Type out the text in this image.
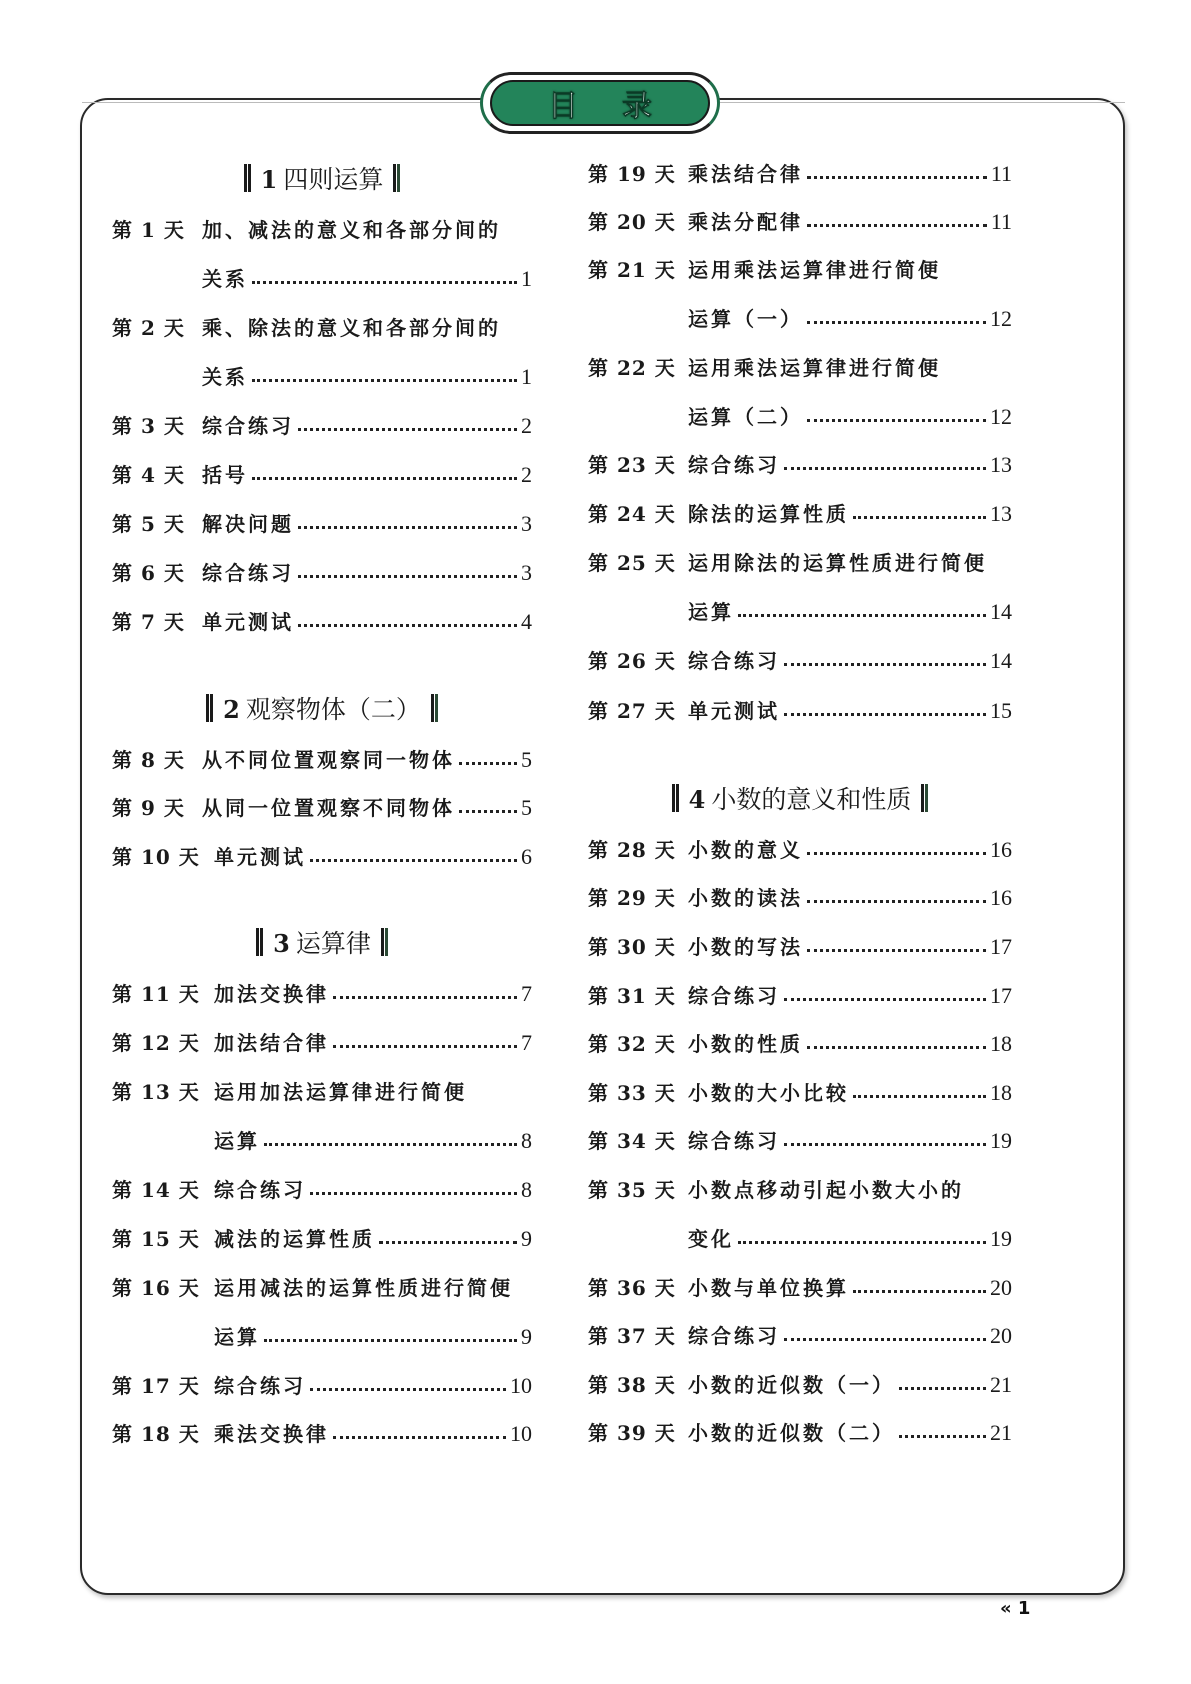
目 录
1 四则运算
第 1 天 加、减法的意义和各部分间的
关系	1
第 2 天 乘、除法的意义和各部分间的
关系	1
第 3 天 综合练习	2
第 4 天 括号	2
第 5 天 解决问题	3
第 6 天 综合练习	3
第 7 天 单元测试	4
2 观察物体（二）
第 8 天 从不同位置观察同一物体	5
第 9 天 从同一位置观察不同物体	5
第 10 天 单元测试	6
3 运算律
第 11 天 加法交换律	7
第 12 天 加法结合律	7
第 13 天 运用加法运算律进行简便
运算	8
第 14 天 综合练习	8
第 15 天 减法的运算性质	9
第 16 天 运用减法的运算性质进行简便
运算	9
第 17 天 综合练习	10
第 18 天 乘法交换律	10
第 19 天 乘法结合律	11
第 20 天 乘法分配律	11
第 21 天 运用乘法运算律进行简便
运算（一）	12
第 22 天 运用乘法运算律进行简便
运算（二）	12
第 23 天 综合练习	13
第 24 天 除法的运算性质	13
第 25 天 运用除法的运算性质进行简便
运算	14
第 26 天 综合练习	14
第 27 天 单元测试	15
4 小数的意义和性质
第 28 天 小数的意义	16
第 29 天 小数的读法	16
第 30 天 小数的写法	17
第 31 天 综合练习	17
第 32 天 小数的性质	18
第 33 天 小数的大小比较	18
第 34 天 综合练习	19
第 35 天 小数点移动引起小数大小的
变化	19
第 36 天 小数与单位换算	20
第 37 天 综合练习	20
第 38 天 小数的近似数（一）	21
第 39 天 小数的近似数（二）	21
« 1
